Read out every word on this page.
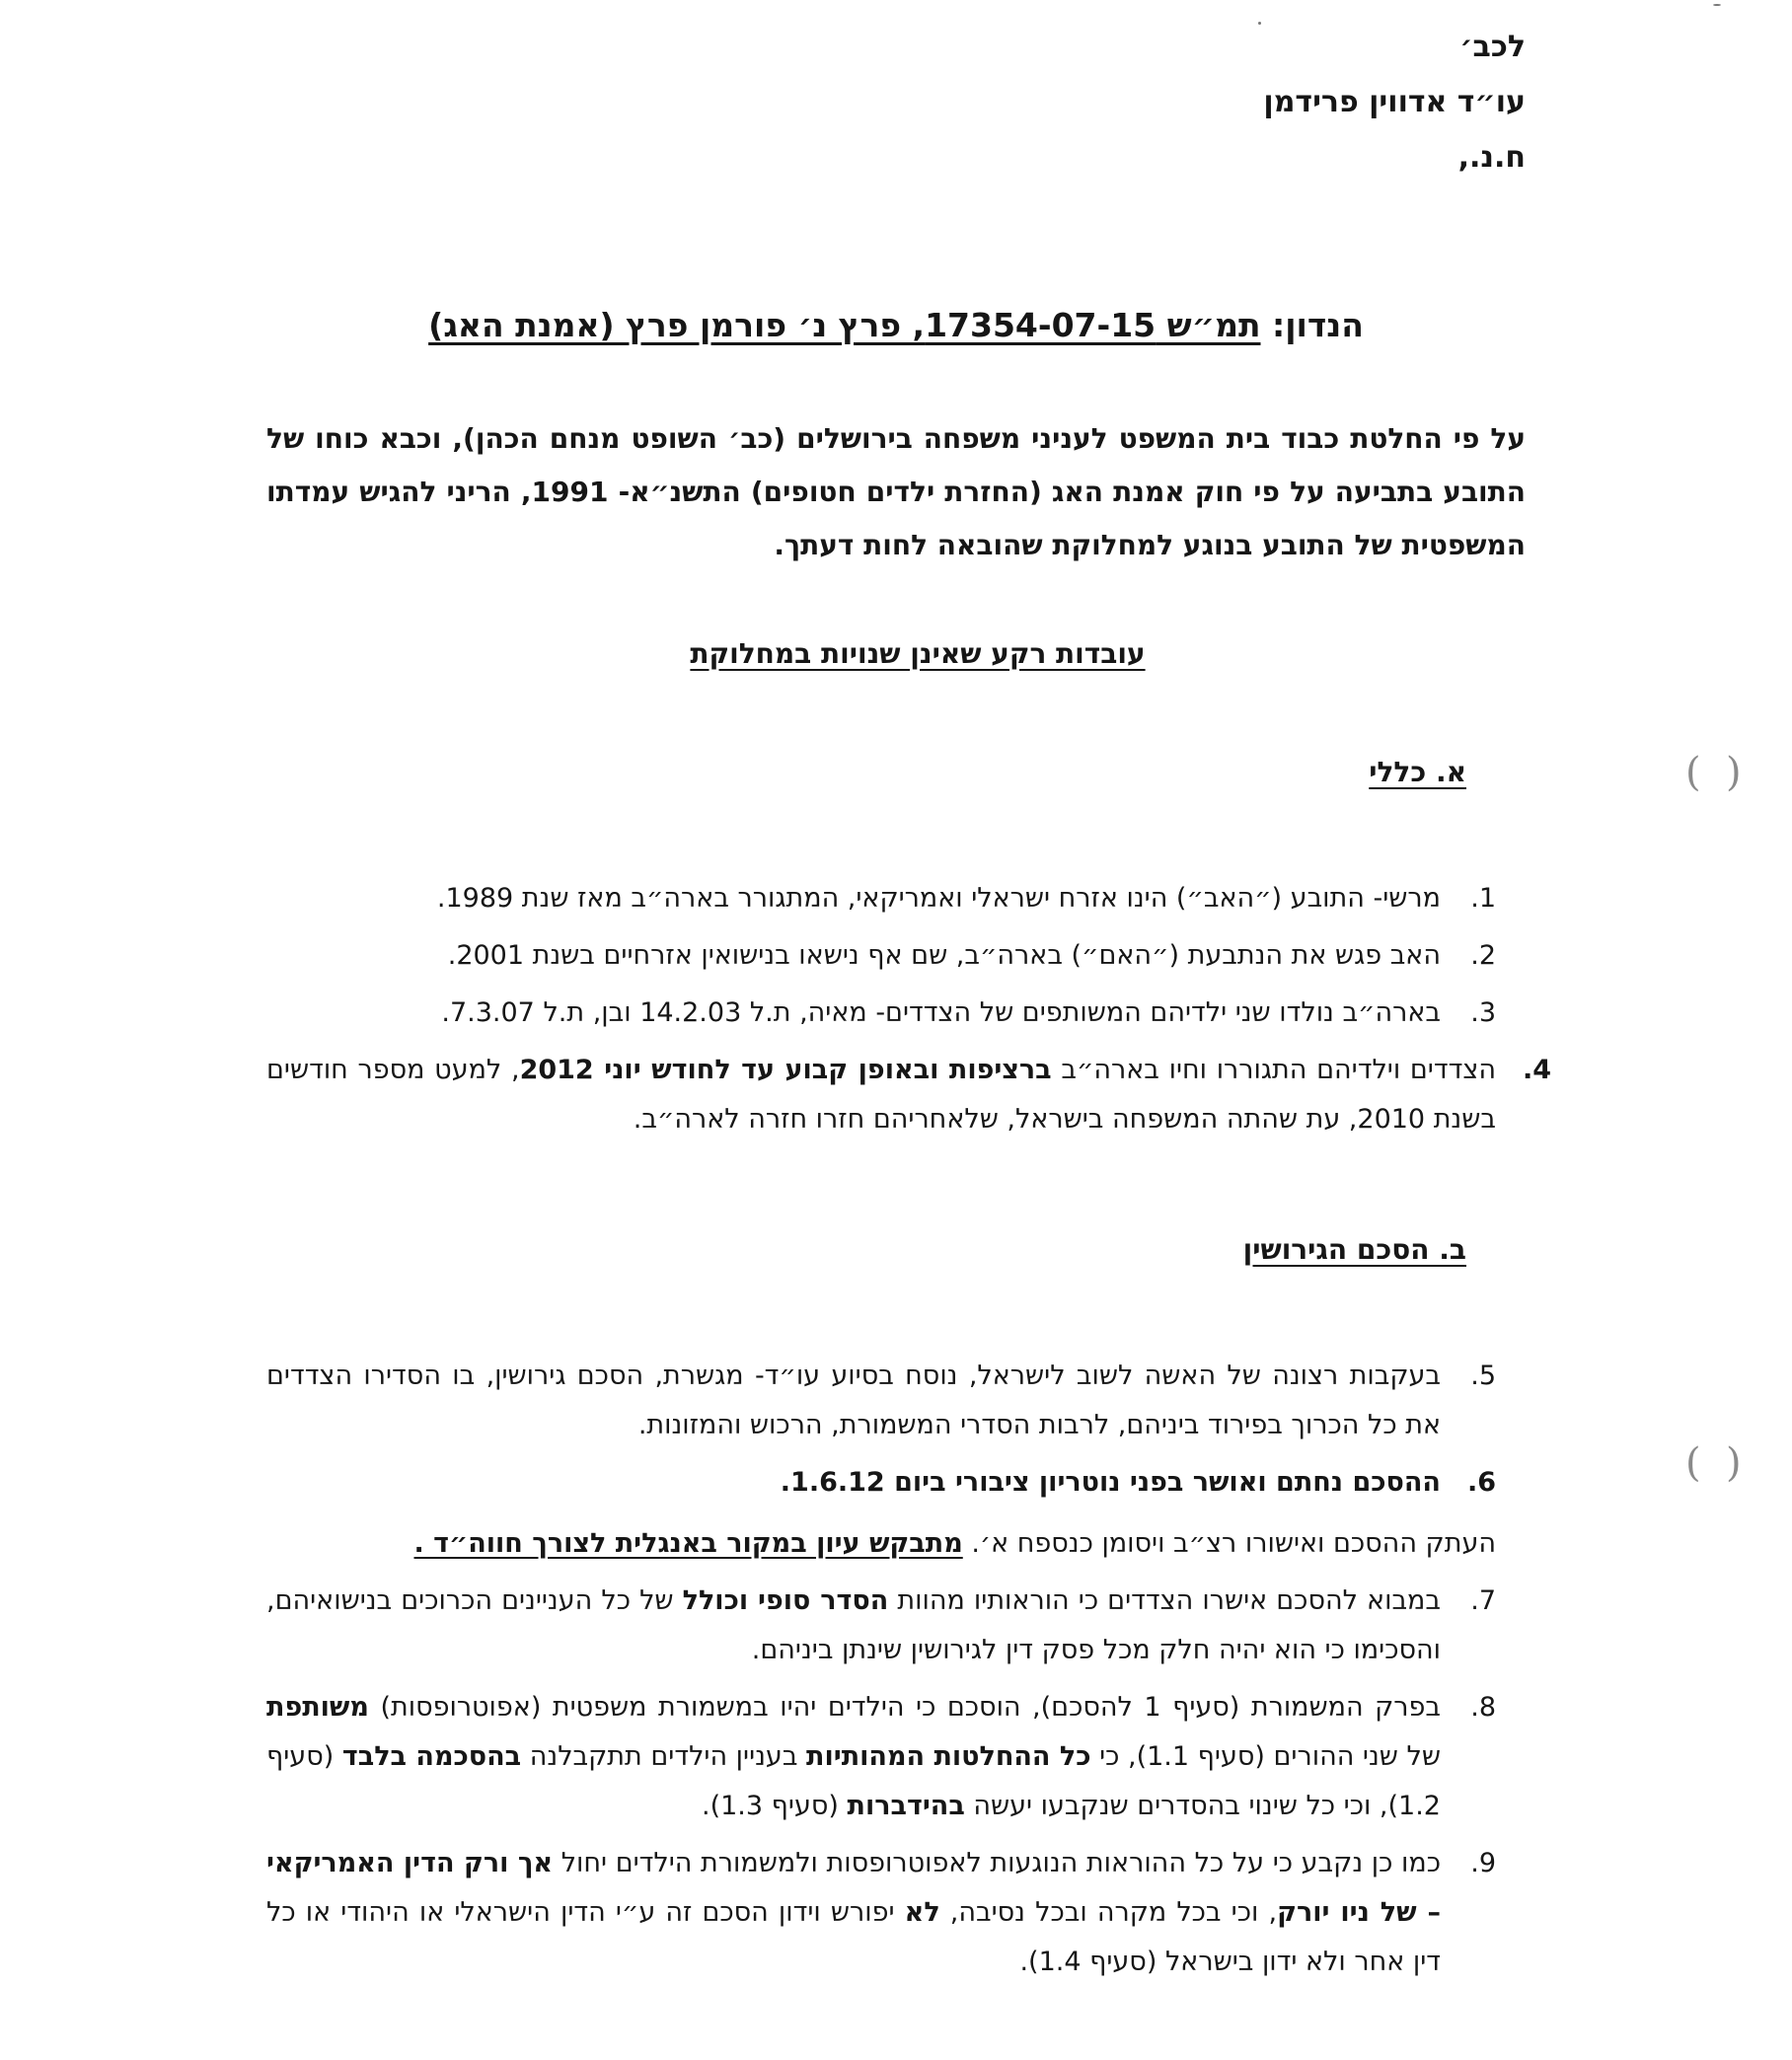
לכב׳
עו״ד אדווין פרידמן
ח.נ.,
הנדון: תמ״ש 17354-07-15, פרץ נ׳ פורמן פרץ (אמנת האג)
על פי החלטת כבוד בית המשפט לעניני משפחה בירושלים (כב׳ השופט מנחם הכהן), וכבא כוחו של התובע בתביעה על פי חוק אמנת האג (החזרת ילדים חטופים) התשנ״א- 1991, הריני להגיש עמדתו המשפטית של התובע בנוגע למחלוקת שהובאה לחות דעתך.
עובדות רקע שאינן שנויות במחלוקת
א. כללי
1.
מרשי- התובע (״האב״) הינו אזרח ישראלי ואמריקאי, המתגורר בארה״ב מאז שנת 1989.
2.
האב פגש את הנתבעת (״האם״) בארה״ב, שם אף נישאו בנישואין אזרחיים בשנת 2001.
3.
בארה״ב נולדו שני ילדיהם המשותפים של הצדדים- מאיה, ת.ל 14.2.03 ובן, ת.ל 7.3.07.
4.
הצדדים וילדיהם התגוררו וחיו בארה״ב ברציפות ובאופן קבוע עד לחודש יוני 2012, למעט מספר חודשים בשנת 2010, עת שהתה המשפחה בישראל, שלאחריהם חזרו חזרה לארה״ב.
ב. הסכם הגירושין
5.
בעקבות רצונה של האשה לשוב לישראל, נוסח בסיוע עו״ד- מגשרת, הסכם גירושין, בו הסדירו הצדדים את כל הכרוך בפירוד ביניהם, לרבות הסדרי המשמורת, הרכוש והמזונות.
6.
ההסכם נחתם ואושר בפני נוטריון ציבורי ביום 1.6.12.
העתק ההסכם ואישורו רצ״ב ויסומן כנספח א׳. מתבקש עיון במקור באנגלית לצורך חווה״ד .
7.
במבוא להסכם אישרו הצדדים כי הוראותיו מהוות הסדר סופי וכולל של כל העניינים הכרוכים בנישואיהם, והסכימו כי הוא יהיה חלק מכל פסק דין לגירושין שינתן ביניהם.
8.
בפרק המשמורת (סעיף 1 להסכם), הוסכם כי הילדים יהיו במשמורת משפטית (אפוטרופסות) משותפת של שני ההורים (סעיף 1.1), כי כל ההחלטות המהותיות בעניין הילדים תתקבלנה בהסכמה בלבד (סעיף 1.2), וכי כל שינוי בהסדרים שנקבעו יעשה בהידברות (סעיף 1.3).
9.
כמו כן נקבע כי על כל ההוראות הנוגעות לאפוטרופסות ולמשמורת הילדים יחול אך ורק הדין האמריקאי – של ניו יורק, וכי בכל מקרה ובכל נסיבה, לא יפורש וידון הסכם זה ע״י הדין הישראלי או היהודי או כל דין אחר ולא ידון בישראל (סעיף 1.4).
( )
( )
